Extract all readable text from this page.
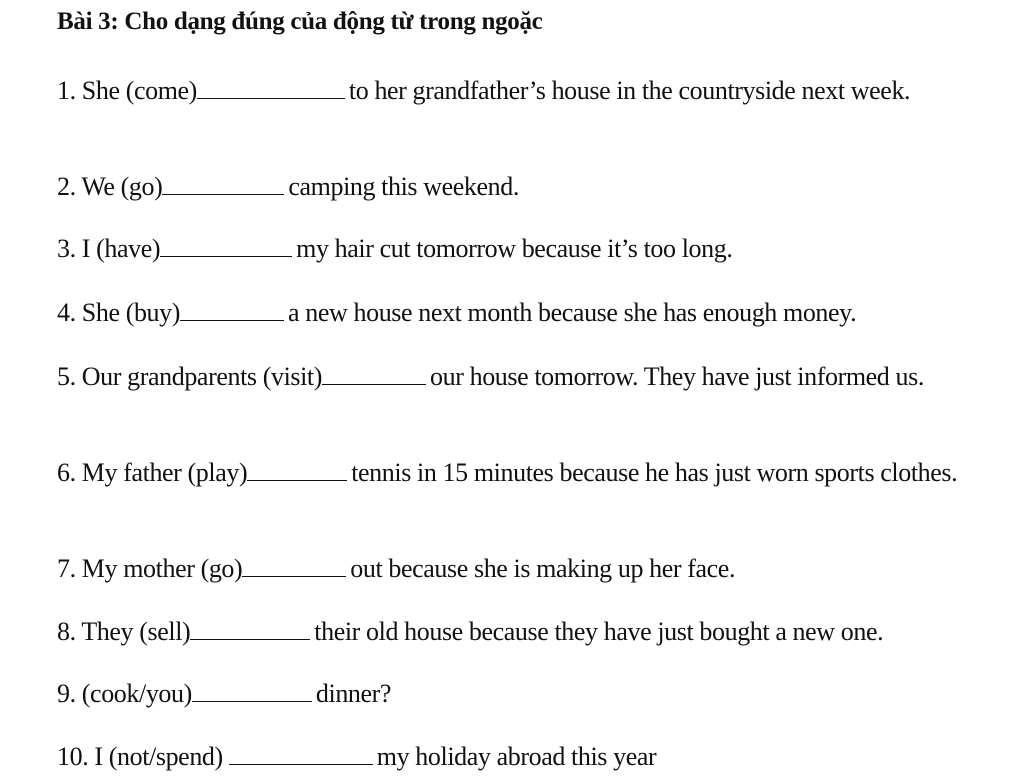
Bài 3: Cho dạng đúng của động từ trong ngoặc
1. She (come)	to her grandfather’s house in the countryside next week.
2. We (go)	camping this weekend.
3. I (have)	my hair cut tomorrow because it’s too long.
4. She (buy)	a new house next month because she has enough money.
5. Our grandparents (visit)	our house tomorrow. They have just informed us.
6. My father (play)	tennis in 15 minutes because he has just worn sports clothes.
7. My mother (go)	out because she is making up her face.
8. They (sell)	their old house because they have just bought a new one.
9. (cook/you)	dinner?
10. I (not/spend)	my holiday abroad this year
